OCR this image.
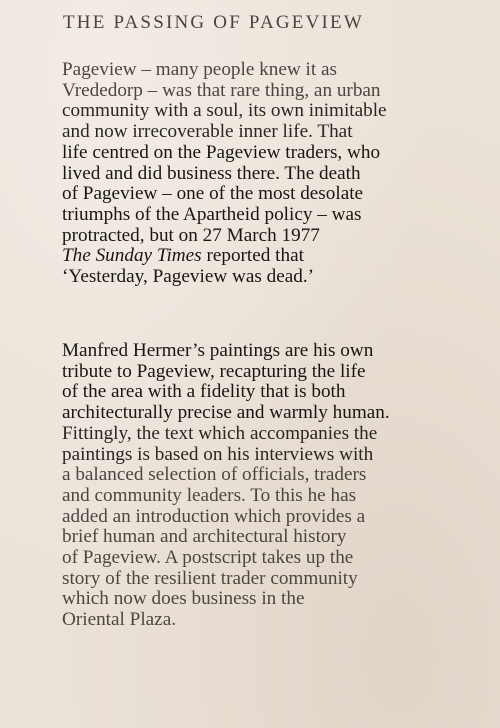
THE PASSING OF PAGEVIEW
Pageview – many people knew it as
Vrededorp – was that rare thing, an urban
community with a soul, its own inimitable
and now irrecoverable inner life. That
life centred on the Pageview traders, who
lived and did business there. The death
of Pageview – one of the most desolate
triumphs of the Apartheid policy – was
protracted, but on 27 March 1977
The Sunday Times reported that
‘Yesterday, Pageview was dead.’
Manfred Hermer’s paintings are his own
tribute to Pageview, recapturing the life
of the area with a fidelity that is both
architecturally precise and warmly human.
Fittingly, the text which accompanies the
paintings is based on his interviews with
a balanced selection of officials, traders
and community leaders. To this he has
added an introduction which provides a
brief human and architectural history
of Pageview. A postscript takes up the
story of the resilient trader community
which now does business in the
Oriental Plaza.
